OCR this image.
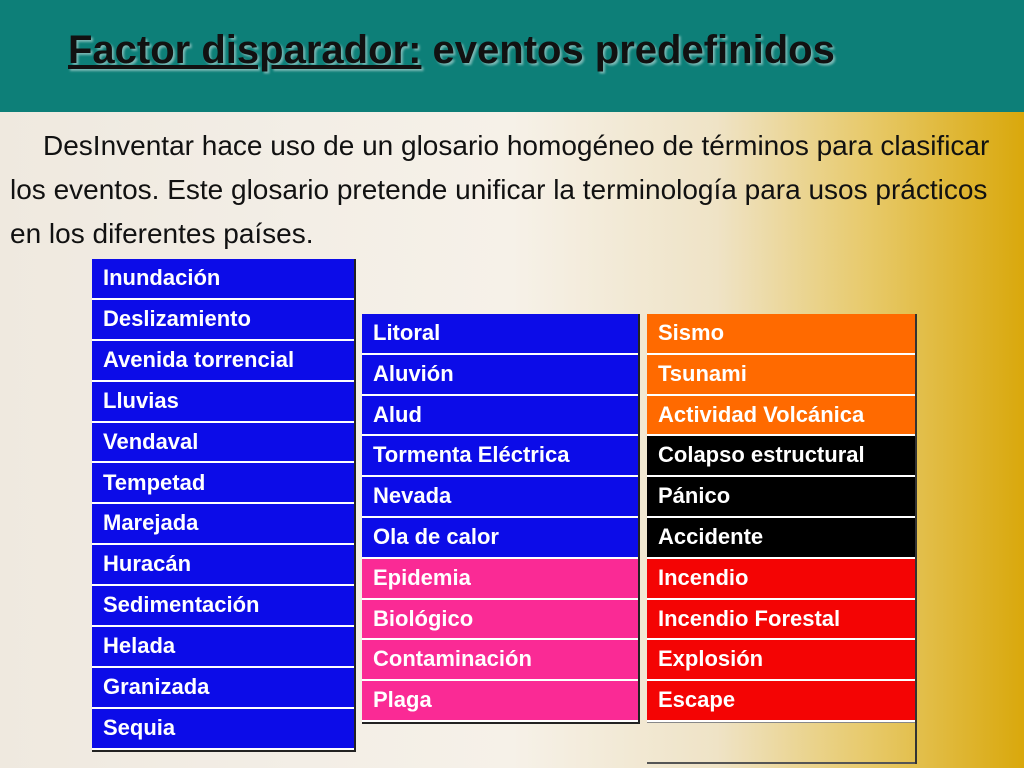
Factor disparador: eventos predefinidos

DesInventar hace uso de un glosario homogéneo de términos para clasificar los eventos. Este glosario pretende unificar la terminología para usos prácticos en los diferentes países.

Inundación
Deslizamiento
Avenida torrencial
Lluvias
Vendaval
Tempetad
Marejada
Huracán
Sedimentación
Helada
Granizada
Sequia
Litoral
Aluvión
Alud
Tormenta Eléctrica
Nevada
Ola de calor
Epidemia
Biológico
Contaminación
Plaga
Sismo
Tsunami
Actividad Volcánica
Colapso estructural
Pánico
Accidente
Incendio
Incendio Forestal
Explosión
Escape
